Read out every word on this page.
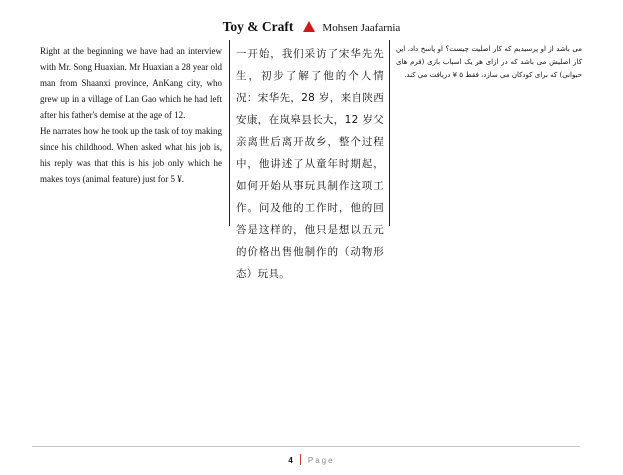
Toy & Craft	Mohsen Jaafarnia

Right at the beginning we have had an interview with Mr. Song Huaxian. Mr Huaxian a 28 year old man from Shaanxi province, AnKang city, who grew up in a village of Lan Gao which he had left after his father's demise at the age of 12.

He narrates how he took up the task of toy making since his childhood. When asked what his job is, his reply was that this is his job only which he makes toys (animal feature) just for 5 ¥.

一开始，我们采访了宋华先先生，初步了解了他的个人情况：宋华先，28 岁，来自陕西安康，在岚皋县长大，12 岁父亲离世后离开故乡，整个过程中，他讲述了从童年时期起，如何开始从事玩具制作这项工作。问及他的工作时，他的回答是这样的，他只是想以五元的价格出售他制作的（动物形态）玩具。
می باشد از او پرسیدیم که کار اصلیت چیست؟ او پاسخ داد، این کار اصلیش می باشد که در ازای هر یک اسباب بازی (فرم های حیوانی) که برای کودکان می سازد، فقط ۵ ¥ دریافت می کند.
4 Page
